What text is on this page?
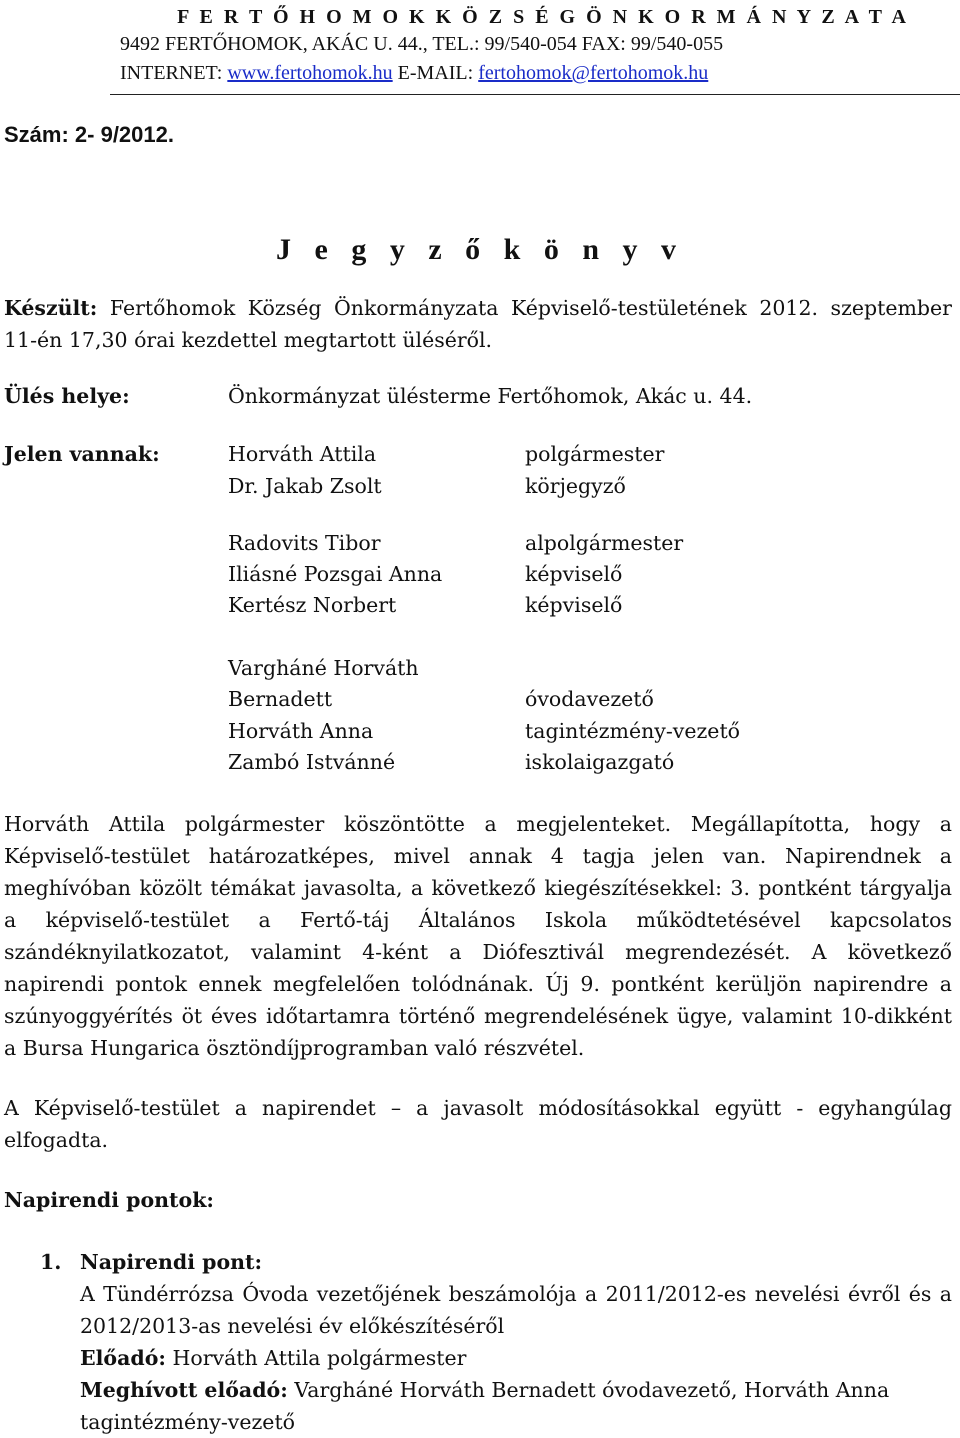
F E R T Ő H O M O K K Ö Z S É G Ö N K O R M Á N Y Z A T A
9492 FERTŐHOMOK, AKÁC U. 44., TEL.: 99/540-054 FAX: 99/540-055
INTERNET: www.fertohomok.hu E-MAIL: fertohomok@fertohomok.hu
Szám: 2- 9/2012.
J e g y z ő k ö n y v
Készült: Fertőhomok Község Önkormányzata Képviselő-testületének 2012. szeptember 11-én 17,30 órai kezdettel megtartott üléséről.
Ülés helye:	Önkormányzat ülésterme Fertőhomok, Akác u. 44.
Jelen vannak:	Horváth Attila	polgármester
Dr. Jakab Zsolt	körjegyző
Radovits Tibor	alpolgármester
Iliásné Pozsgai Anna	képviselő
Kertész Norbert	képviselő
Vargháné Horváth
Bernadett	óvodavezető
Horváth Anna	tagintézmény-vezető
Zambó Istvánné	iskolaigazgató
Horváth Attila polgármester köszöntötte a megjelenteket. Megállapította, hogy a Képviselő-testület határozatképes, mivel annak 4 tagja jelen van. Napirendnek a meghívóban közölt témákat javasolta, a következő kiegészítésekkel: 3. pontként tárgyalja a képviselő-testület a Fertő-táj Általános Iskola működtetésével kapcsolatos szándéknyilatkozatot, valamint 4-ként a Diófesztivál megrendezését. A következő napirendi pontok ennek megfelelően tolódnának. Új 9. pontként kerüljön napirendre a szúnyoggyérítés öt éves időtartamra történő megrendelésének ügye, valamint 10-dikként a Bursa Hungarica ösztöndíjprogramban való részvétel.
A Képviselő-testület a napirendet – a javasolt módosításokkal együtt - egyhangúlag elfogadta.
Napirendi pontok:
1. Napirendi pont:
A Tündérrózsa Óvoda vezetőjének beszámolója a 2011/2012-es nevelési évről és a 2012/2013-as nevelési év előkészítéséről
Előadó: Horváth Attila polgármester
Meghívott előadó: Vargháné Horváth Bernadett óvodavezető, Horváth Anna tagintézmény-vezető
